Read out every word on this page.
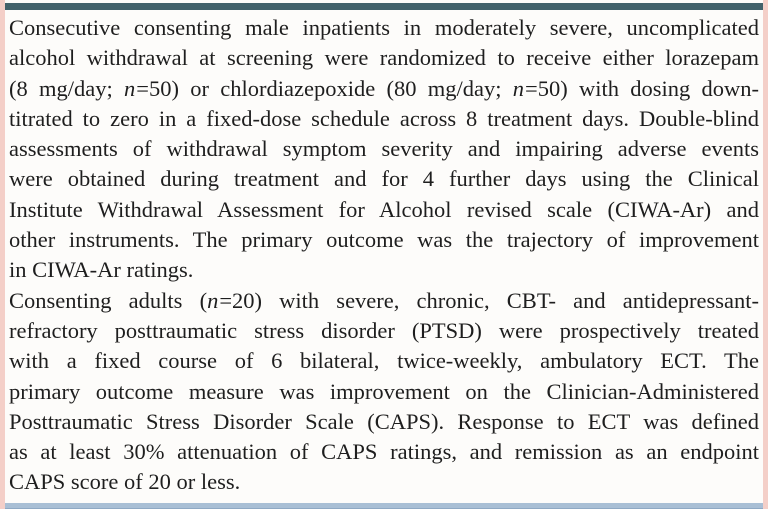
Consecutive consenting male inpatients in moderately severe, uncomplicated
alcohol withdrawal at screening were randomized to receive either lorazepam
(8 mg/day; n=50) or chlordiazepoxide (80 mg/day; n=50) with dosing down-
titrated to zero in a fixed-dose schedule across 8 treatment days. Double-blind
assessments of withdrawal symptom severity and impairing adverse events
were obtained during treatment and for 4 further days using the Clinical
Institute Withdrawal Assessment for Alcohol revised scale (CIWA-Ar) and
other instruments. The primary outcome was the trajectory of improvement
in CIWA-Ar ratings.
Consenting adults (n=20) with severe, chronic, CBT- and antidepressant-
refractory posttraumatic stress disorder (PTSD) were prospectively treated
with a fixed course of 6 bilateral, twice-weekly, ambulatory ECT. The
primary outcome measure was improvement on the Clinician-Administered
Posttraumatic Stress Disorder Scale (CAPS). Response to ECT was defined
as at least 30% attenuation of CAPS ratings, and remission as an endpoint
CAPS score of 20 or less.
